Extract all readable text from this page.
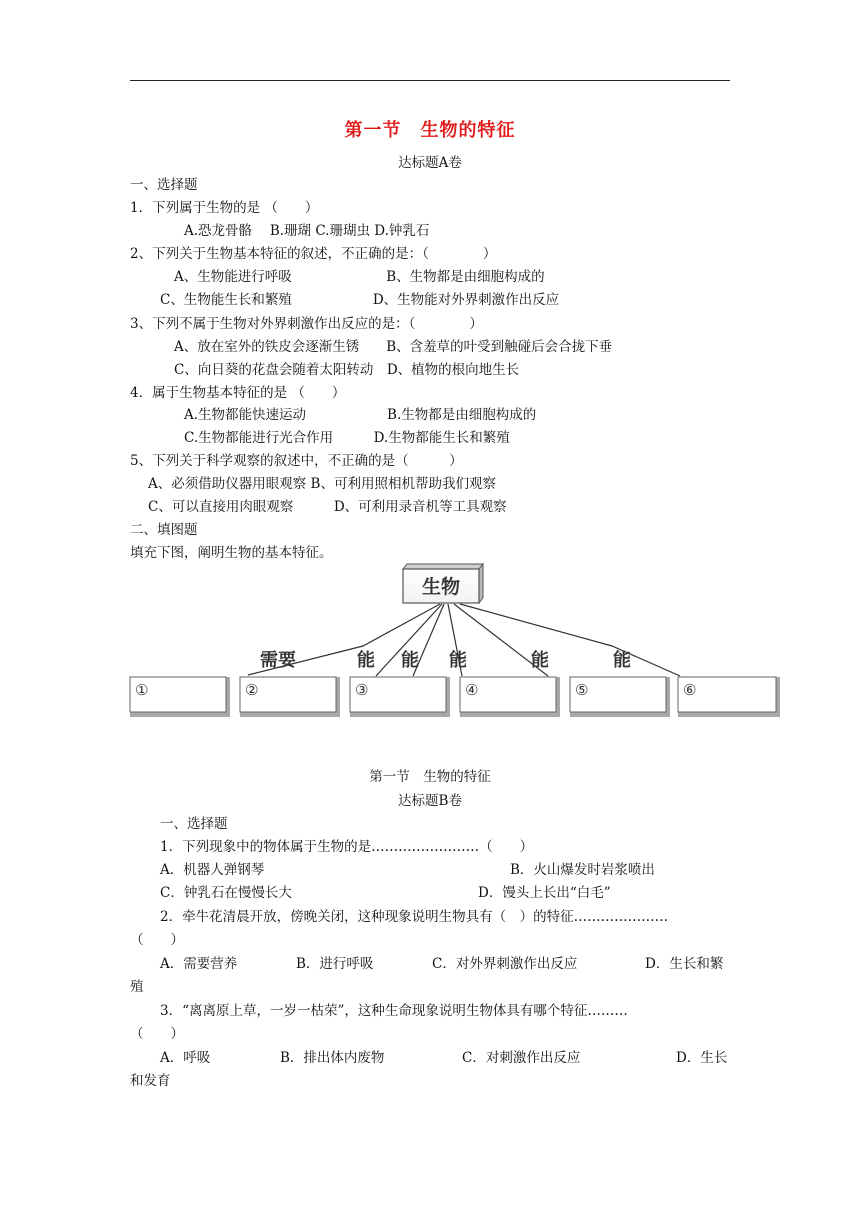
第一节　生物的特征
达标题A卷
一、选择题
1．下列属于生物的是 （　　）
A.恐龙骨骼　 B.珊瑚 C.珊瑚虫 D.钟乳石
2、下列关于生物基本特征的叙述，不正确的是：（　　　　）
A、生物能进行呼吸　　　　　　　B、生物都是由细胞构成的
C、生物能生长和繁殖　　　　　　D、生物能对外界刺激作出反应
3、下列不属于生物对外界刺激作出反应的是：（　　　　）
A、放在室外的铁皮会逐渐生锈　　B、含羞草的叶受到触碰后会合拢下垂
C、向日葵的花盘会随着太阳转动　D、植物的根向地生长
4．属于生物基本特征的是 （　　）
A.生物都能快速运动　　　　　　B.生物都是由细胞构成的
C.生物都能进行光合作用　　　D.生物都能生长和繁殖
5、下列关于科学观察的叙述中，不正确的是（　　　）
A、必须借助仪器用眼观察 B、可利用照相机帮助我们观察
C、可以直接用肉眼观察　　　D、可利用录音机等工具观察
二、填图题
填充下图，阐明生物的基本特征。
生物
需要	能 能 能	能	能
①	②	③	④	⑤	⑥
第一节　生物的特征
达标题B卷
一、选择题
1．下列现象中的物体属于生物的是……………………（　　）
A．机器人弹钢琴	B．火山爆发时岩浆喷出
C．钟乳石在慢慢长大	D．馒头上长出“白毛”
2．牵牛花清晨开放，傍晚关闭，这种现象说明生物具有（　）的特征…………………
（　　）
A．需要营养	B．进行呼吸	C．对外界刺激作出反应	D．生长和繁
殖
3．“离离原上草，一岁一枯荣”，这种生命现象说明生物体具有哪个特征………
（　　）
A．呼吸	B．排出体内废物	C．对刺激作出反应	D．生长
和发育
